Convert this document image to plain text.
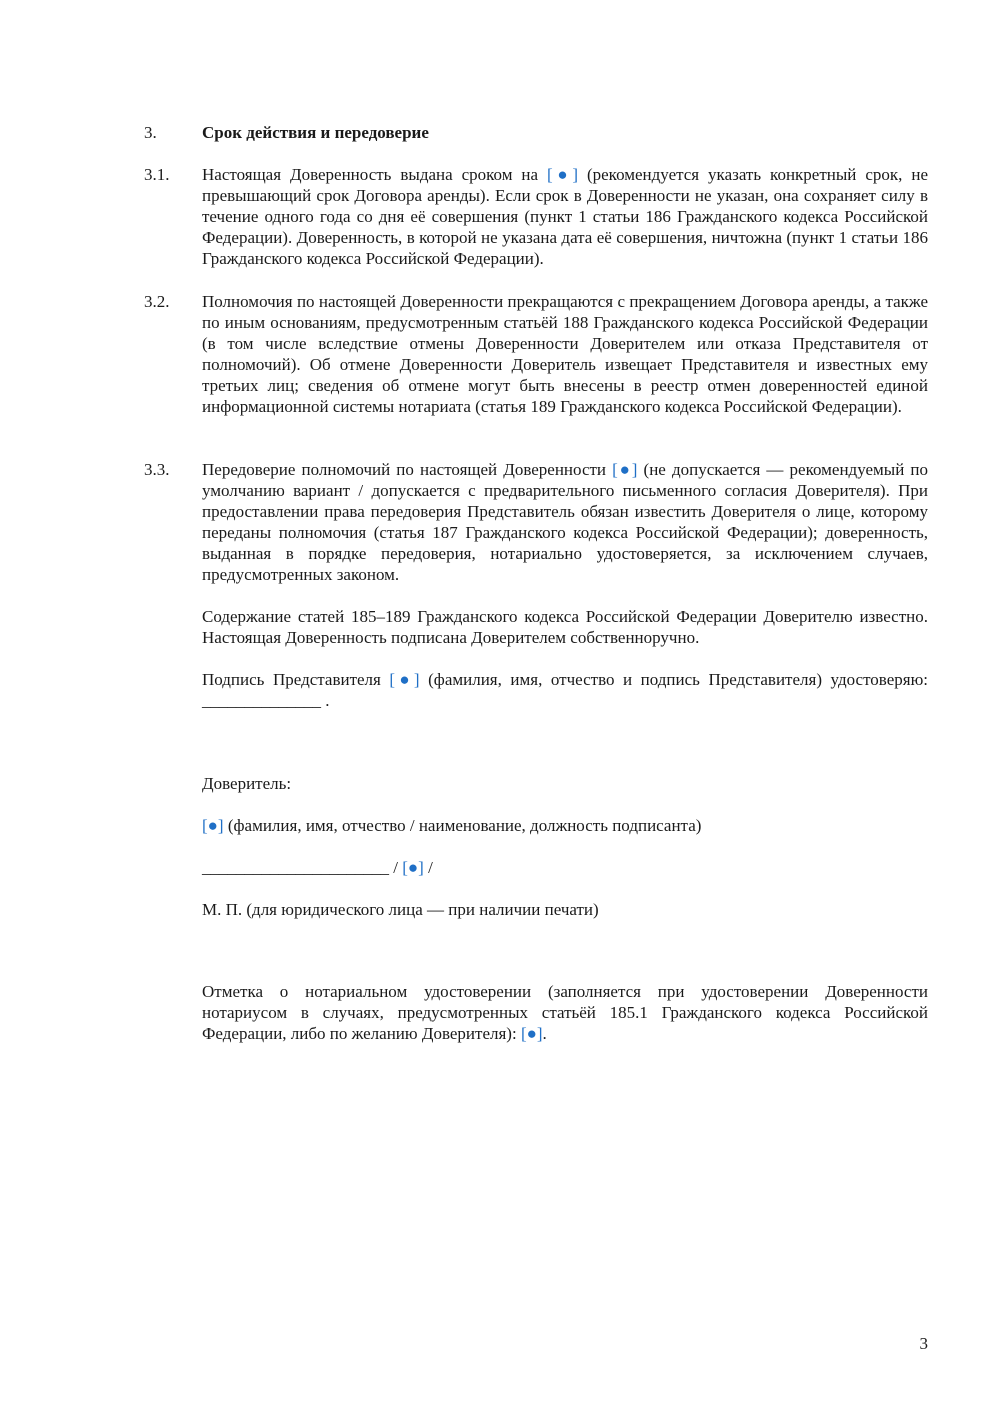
3.	Срок действия и передоверие
3.1.	Настоящая Доверенность выдана сроком на [●] (рекомендуется указать конкретный срок, не превышающий срок Договора аренды). Если срок в Доверенности не указан, она сохраняет силу в течение одного года со дня её совершения (пункт 1 статьи 186 Гражданского кодекса Российской Федерации). Доверенность, в которой не указана дата её совершения, ничтожна (пункт 1 статьи 186 Гражданского кодекса Российской Федерации).
3.2.	Полномочия по настоящей Доверенности прекращаются с прекращением Договора аренды, а также по иным основаниям, предусмотренным статьёй 188 Гражданского кодекса Российской Федерации (в том числе вследствие отмены Доверенности Доверителем или отказа Представителя от полномочий). Об отмене Доверенности Доверитель извещает Представителя и известных ему третьих лиц; сведения об отмене могут быть внесены в реестр отмен доверенностей единой информационной системы нотариата (статья 189 Гражданского кодекса Российской Федерации).
3.3.	Передоверие полномочий по настоящей Доверенности [●] (не допускается — рекомендуемый по умолчанию вариант / допускается с предварительного письменного согласия Доверителя). При предоставлении права передоверия Представитель обязан известить Доверителя о лице, которому переданы полномочия (статья 187 Гражданского кодекса Российской Федерации); доверенность, выданная в порядке передоверия, нотариально удостоверяется, за исключением случаев, предусмотренных законом.
Содержание статей 185–189 Гражданского кодекса Российской Федерации Доверителю известно. Настоящая Доверенность подписана Доверителем собственноручно.
Подпись Представителя [●] (фамилия, имя, отчество и подпись Представителя) удостоверяю: ______________ .
Доверитель:
[●] (фамилия, имя, отчество / наименование, должность подписанта)
______________________ / [●] /
М. П. (для юридического лица — при наличии печати)
Отметка о нотариальном удостоверении (заполняется при удостоверении Доверенности нотариусом в случаях, предусмотренных статьёй 185.1 Гражданского кодекса Российской Федерации, либо по желанию Доверителя): [●].
3
